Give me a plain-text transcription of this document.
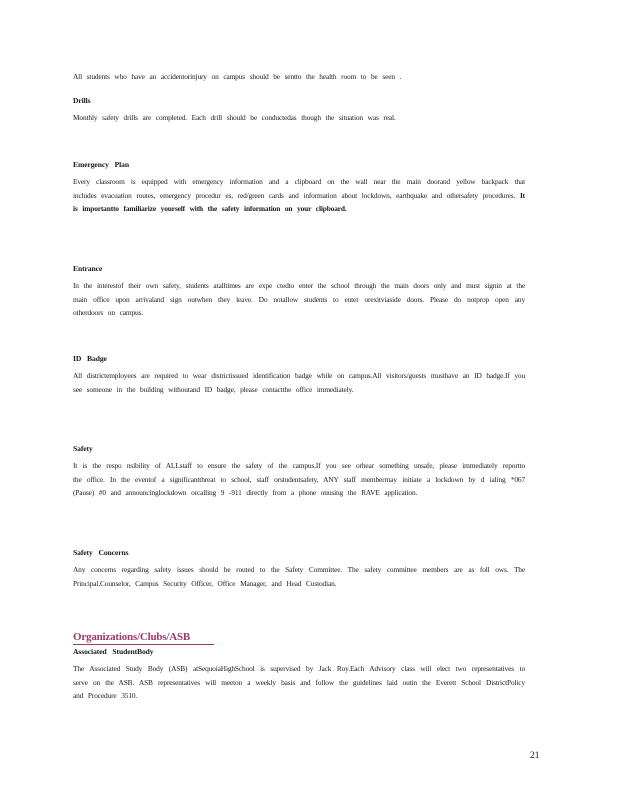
All students who have an accidentorinjury on campus should be sentto the health room to be seen .

Drills

Monthly safety drills are completed. Each drill should be conductedas though the situation was real.

Emergency Plan

Every classroom is equipped with emergency information and a clipboard on the wall near the main doorand yellow backpack that includes evacuation routes, emergency procedur es, red/green cards and information about lockdown, earthquake and othersafety procedures. It is importantto familiarize yourself with the safety information on your clipboard.

Entrance

In the interestof their own safety, students atalltimes are expe ctedto enter the school through the main doors only and must signin at the main office upon arrivaland sign outwhen they leave. Do notallow students to enter orexitviaside doors. Please do notprop open any otherdoors on campus.

ID Badge

All districtemployees are required to wear districtissued identification badge while on campus.All visitors/guests musthave an ID badge.If you see someone in the building withoutand ID badge, please contactthe office immediately.

Safety

It is the respo nsibility of ALLstaff to ensure the safety of the campus.If you see orhear something unsafe, please immediately reportto the office. In the eventof a significantthreat to school, staff orstudentsafety, ANY staff memberrnay initiate a lockdown by d ialing *067 (Pause) #0 and announcinglockdown orcalling 9 -911 directly from a phone onusing the RAVE application.

Safety Concerns

Any concerns regarding safety issues should be routed to the Safety Committee. The safety committee members are as foll ows. The Principal,Counselor, Campus Security Officer, Office Manager, and Head Custodian.

Organizations/Clubs/ASB

Associated StudentBody

The Associated Study Body (ASB) atSequoiaHighSchool is supervised by Jack Roy.Each Advisory class will elect two representatives to serve on the ASB. ASB representatives will meeton a weekly basis and follow the guidelines laid outin the Everett School DistrictPolicy and Procedure 3510.

21
